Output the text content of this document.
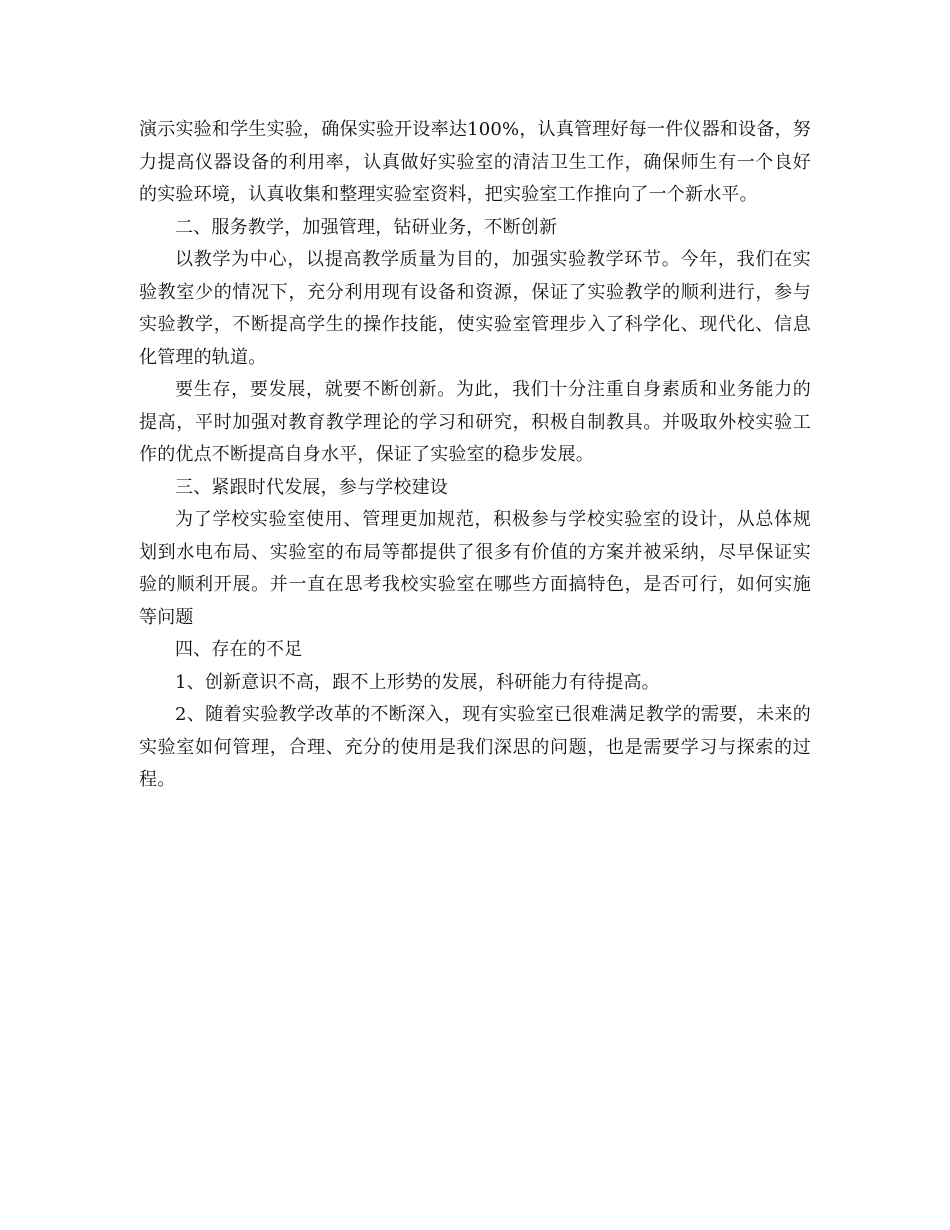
演示实验和学生实验，确保实验开设率达100%，认真管理好每一件仪器和设备，努力提高仪器设备的利用率，认真做好实验室的清洁卫生工作，确保师生有一个良好的实验环境，认真收集和整理实验室资料，把实验室工作推向了一个新水平。

二、服务教学，加强管理，钻研业务，不断创新

以教学为中心，以提高教学质量为目的，加强实验教学环节。今年，我们在实验教室少的情况下，充分利用现有设备和资源，保证了实验教学的顺利进行，参与实验教学，不断提高学生的操作技能，使实验室管理步入了科学化、现代化、信息化管理的轨道。

要生存，要发展，就要不断创新。为此，我们十分注重自身素质和业务能力的提高，平时加强对教育教学理论的学习和研究，积极自制教具。并吸取外校实验工作的优点不断提高自身水平，保证了实验室的稳步发展。

三、紧跟时代发展，参与学校建设

为了学校实验室使用、管理更加规范，积极参与学校实验室的设计，从总体规划到水电布局、实验室的布局等都提供了很多有价值的方案并被采纳，尽早保证实验的顺利开展。并一直在思考我校实验室在哪些方面搞特色，是否可行，如何实施等问题

四、存在的不足

1、创新意识不高，跟不上形势的发展，科研能力有待提高。

2、随着实验教学改革的不断深入，现有实验室已很难满足教学的需要，未来的实验室如何管理，合理、充分的使用是我们深思的问题，也是需要学习与探索的过程。
